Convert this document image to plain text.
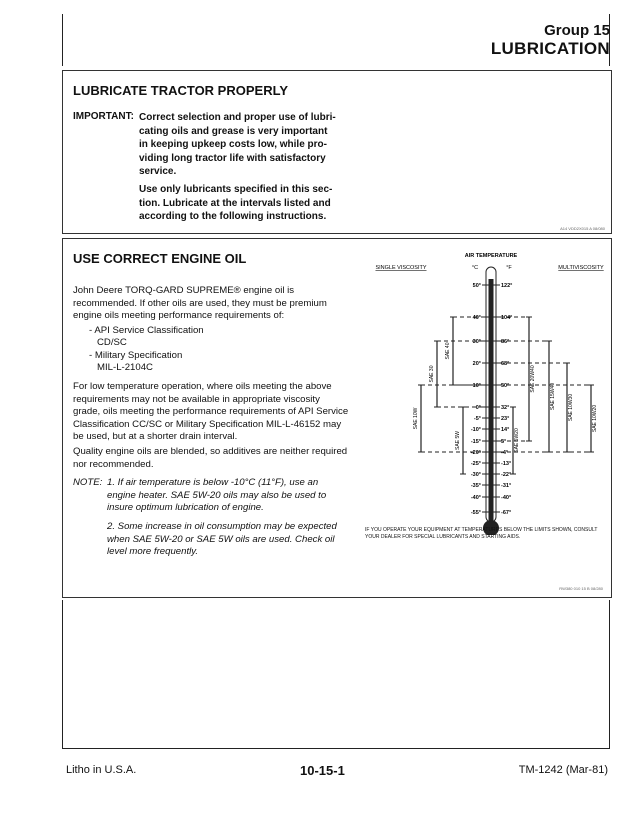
Group 15
LUBRICATION
LUBRICATE TRACTOR PROPERLY
IMPORTANT: Correct selection and proper use of lubri-
cating oils and grease is very important
in keeping upkeep costs low, while pro-
viding long tractor life with satisfactory
service.
Use only lubricants specified in this sec-
tion. Lubricate at the intervals listed and
according to the following instructions.
A14 VDD2X015 A 08/080
USE CORRECT ENGINE OIL
John Deere TORQ-GARD SUPREME® engine oil is recommended. If other oils are used, they must be premium engine oils meeting performance requirements of:
- API Service Classification
CD/SC
- Military Specification
MIL-L-2104C
For low temperature operation, where oils meeting the above requirements may not be available in appropriate viscosity grade, oils meeting the performance requirements of API Service Classification CC/SC or Military Specification MIL-L-46152 may be used, but at a shorter drain interval.
Quality engine oils are blended, so additives are neither required nor recommended.
NOTE: 1. If air temperature is below -10°C (11°F), use an engine heater. SAE 5W-20 oils may also be used to insure optimum lubrication of engine.
2. Some increase in oil consumption may be expected when SAE 5W-20 or SAE 5W oils are used. Check oil level more frequently.
AIR TEMPERATURE
SINGLE VISCOSITY	MULTIVISCOSITY
°C	°F
50°	122°
40°	104°
30°	86°
20°	68°
10°	50°
0°	32°
-5°	23°
-10°	14°
-15°	5°
-20°	-4°
-25°	-13°
-30°	-22°
-35°	-31°
-40°	-40°
-55°	-67°
SAE 40
SAE 30
SAE 10W
SAE 5W
SAE 20W40
SAE 15W40 SAE 10W30	SAE 10W20
SAE 5W20
IF YOU OPERATE YOUR EQUIPMENT AT TEMPERATURES BELOW THE LIMITS SHOWN, CONSULT YOUR DEALER FOR SPECIAL LUBRICANTS AND STARTING AIDS.
RW380 010 15 B 08/280
Litho in U.S.A.	10-15-1	TM-1242 (Mar-81)
